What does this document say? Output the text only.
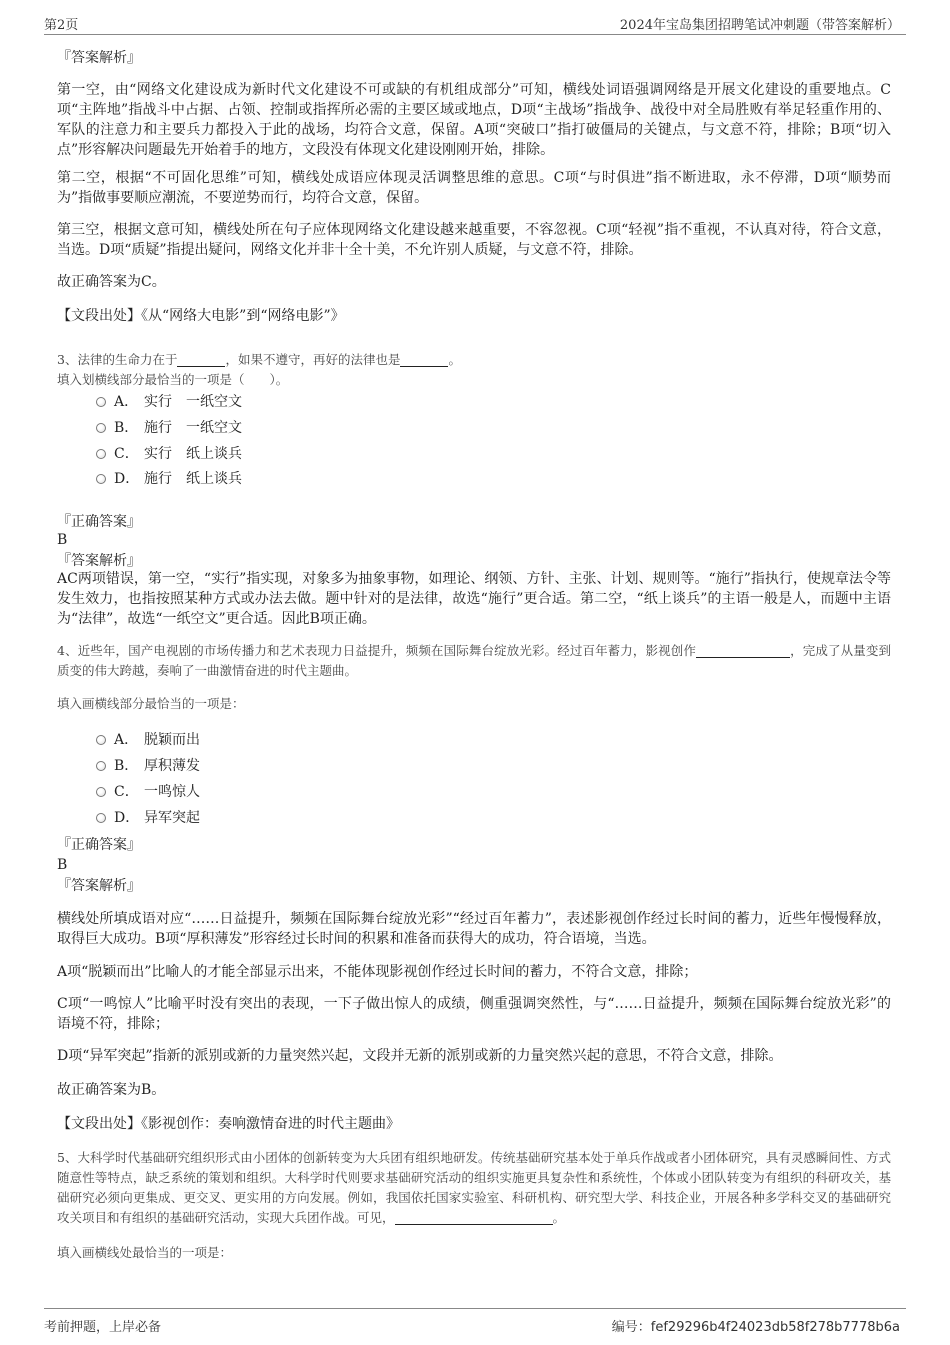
第2页	2024年宝岛集团招聘笔试冲刺题（带答案解析）
『答案解析』
第一空，由“网络文化建设成为新时代文化建设不可或缺的有机组成部分”可知，横线处词语强调网络是开展文化建设的重要地点。C项“主阵地”指战斗中占据、占领、控制或指挥所必需的主要区域或地点，D项“主战场”指战争、战役中对全局胜败有举足轻重作用的、军队的注意力和主要兵力都投入于此的战场，均符合文意，保留。A项“突破口”指打破僵局的关键点，与文意不符，排除；B项“切入点”形容解决问题最先开始着手的地方，文段没有体现文化建设刚刚开始，排除。
第二空，根据“不可固化思维”可知，横线处成语应体现灵活调整思维的意思。C项“与时俱进”指不断进取，永不停滞，D项“顺势而为”指做事要顺应潮流，不要逆势而行，均符合文意，保留。
第三空，根据文意可知，横线处所在句子应体现网络文化建设越来越重要，不容忽视。C项“轻视”指不重视，不认真对待，符合文意，当选。D项“质疑”指提出疑问，网络文化并非十全十美，不允许别人质疑，与文意不符，排除。
故正确答案为C。
【文段出处】《从“网络大电影”到“网络电影”》
3、法律的生命力在于	，如果不遵守，再好的法律也是	。
填入划横线部分最恰当的一项是（　　）。
A． 实行　一纸空文
B． 施行　一纸空文
C． 实行　纸上谈兵
D． 施行　纸上谈兵
『正确答案』
B
『答案解析』
AC两项错误，第一空，“实行”指实现，对象多为抽象事物，如理论、纲领、方针、主张、计划、规则等。“施行”指执行，使规章法令等发生效力，也指按照某种方式或办法去做。题中针对的是法律，故选“施行”更合适。第二空，“纸上谈兵”的主语一般是人，而题中主语为“法律”，故选“一纸空文”更合适。因此B项正确。
4、近些年，国产电视剧的市场传播力和艺术表现力日益提升，频频在国际舞台绽放光彩。经过百年蓄力，影视创作	，完成了从量变到质变的伟大跨越，奏响了一曲激情奋进的时代主题曲。
填入画横线部分最恰当的一项是：
A． 脱颖而出
B． 厚积薄发
C． 一鸣惊人
D． 异军突起
『正确答案』
B
『答案解析』
横线处所填成语对应“……日益提升，频频在国际舞台绽放光彩”“经过百年蓄力”，表述影视创作经过长时间的蓄力，近些年慢慢释放，取得巨大成功。B项“厚积薄发”形容经过长时间的积累和准备而获得大的成功，符合语境，当选。
A项“脱颖而出”比喻人的才能全部显示出来，不能体现影视创作经过长时间的蓄力，不符合文意，排除；
C项“一鸣惊人”比喻平时没有突出的表现，一下子做出惊人的成绩，侧重强调突然性，与“……日益提升，频频在国际舞台绽放光彩”的语境不符，排除；
D项“异军突起”指新的派别或新的力量突然兴起，文段并无新的派别或新的力量突然兴起的意思，不符合文意，排除。
故正确答案为B。
【文段出处】《影视创作：奏响激情奋进的时代主题曲》
5、大科学时代基础研究组织形式由小团体的创新转变为大兵团有组织地研发。传统基础研究基本处于单兵作战或者小团体研究，具有灵感瞬间性、方式随意性等特点，缺乏系统的策划和组织。大科学时代则要求基础研究活动的组织实施更具复杂性和系统性，个体或小团队转变为有组织的科研攻关，基础研究必须向更集成、更交叉、更实用的方向发展。例如，我国依托国家实验室、科研机构、研究型大学、科技企业，开展各种多学科交叉的基础研究攻关项目和有组织的基础研究活动，实现大兵团作战。可见，	。
填入画横线处最恰当的一项是：
考前押题，上岸必备	编号：fef29296b4f24023db58f278b7778b6a
